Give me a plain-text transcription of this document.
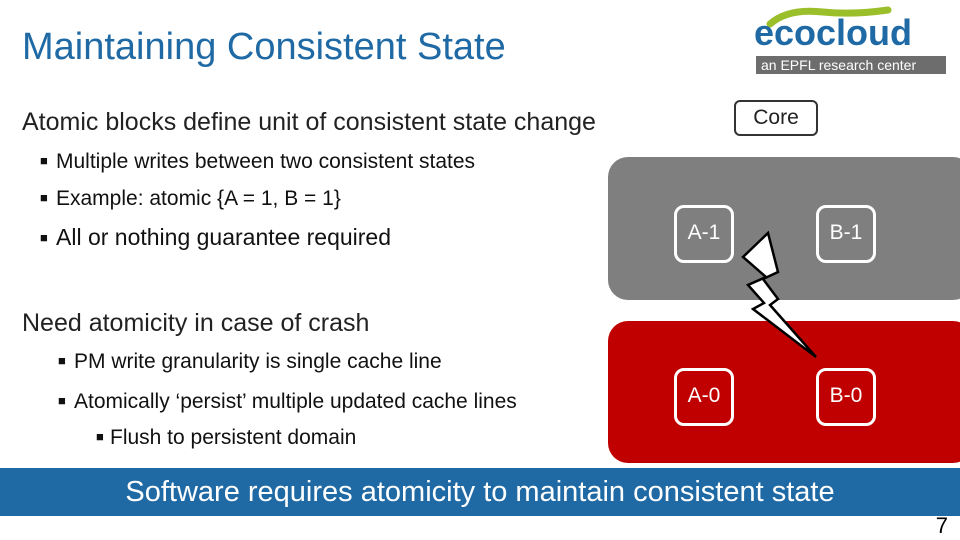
Maintaining Consistent State	ecocloud
an EPFL research center
Atomic blocks define unit of consistent state change
■ Multiple writes between two consistent states
■ Example: atomic {A = 1, B = 1}
■ All or nothing guarantee required
Need atomicity in case of crash
■ PM write granularity is single cache line
■ Atomically ‘persist’ multiple updated cache lines
■ Flush to persistent domain
Core
A-1	B-1
A-0	B-0
Software requires atomicity to maintain consistent state
7
